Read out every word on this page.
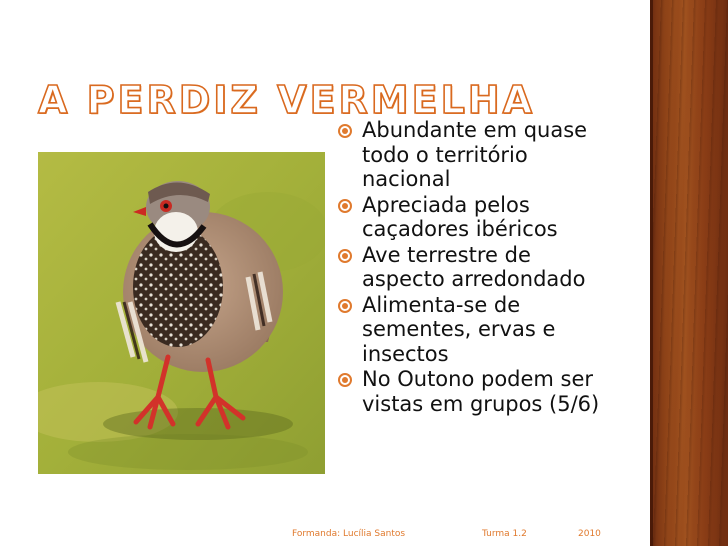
A PERDIZ VERMELHA
Abundante em quase todo o território nacional
Apreciada pelos caçadores ibéricos
Ave terrestre de aspecto arredondado
Alimenta-se de sementes, ervas e insectos
No Outono podem ser vistas em grupos (5/6)
Formanda: Lucília Santos	Turma 1.2	2010
